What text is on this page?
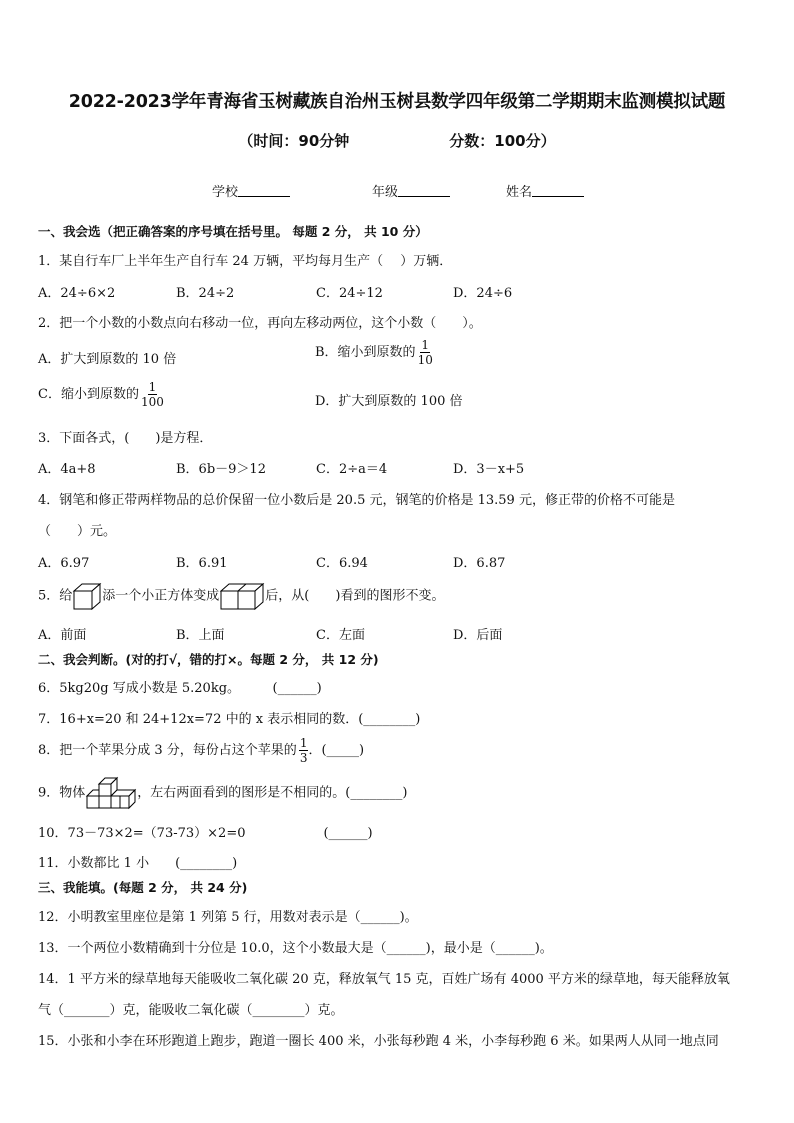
2022-2023学年青海省玉树藏族自治州玉树县数学四年级第二学期期末监测模拟试题
（时间：90分钟	分数：100分）
学校	年级	姓名
一、我会选（把正确答案的序号填在括号里。 每题 2 分， 共 10 分）
1．某自行车厂上半年生产自行车 24 万辆，平均每月生产（　 ）万辆．
A．24÷6×2	B．24÷2	C．24÷12	D．24÷6
2．把一个小数的小数点向右移动一位，再向左移动两位，这个小数（　　）。
A．扩大到原数的 10 倍	B．缩小到原数的 $\frac{1}{10}$
C．缩小到原数的 $\frac{1}{100}$	D．扩大到原数的 100 倍
3．下面各式，(　　)是方程．
A．4a+8	B．6b－9＞12	C．2÷a＝4	D．3－x+5
4．钢笔和修正带两样物品的总价保留一位小数后是 20.5 元，钢笔的价格是 13.59 元，修正带的价格不可能是
（　　）元。
A．6.97	B．6.91	C．6.94	D．6.87
5．给 添一个小正方体变成	后，从(　　)看到的图形不变。
A．前面	B．上面	C．左面	D．后面
二、我会判断。(对的打√，错的打×。每题 2 分， 共 12 分)
6．5kg20g 写成小数是 5.20kg。　　　(______)
7．16+x=20 和 24+12x=72 中的 x 表示相同的数．(________)
8．把一个苹果分成 3 分，每份占这个苹果的 $\frac{1}{3}$ ．(_____)
9．物体	，左右两面看到的图形是不相同的。(________)
10．73－73×2=（73-73）×2=0　　　　　　(______)
11．小数都比 1 小　　(________)
三、我能填。(每题 2 分， 共 24 分)
12．小明教室里座位是第 1 列第 5 行，用数对表示是（______)。
13．一个两位小数精确到十分位是 10.0，这个小数最大是（______)，最小是（______)。
14．1 平方米的绿草地每天能吸收二氧化碳 20 克，释放氧气 15 克，百姓广场有 4000 平方米的绿草地，每天能释放氧
气（_______）克，能吸收二氧化碳（________）克。
15．小张和小李在环形跑道上跑步，跑道一圈长 400 米，小张每秒跑 4 米，小李每秒跑 6 米。如果两人从同一地点同
